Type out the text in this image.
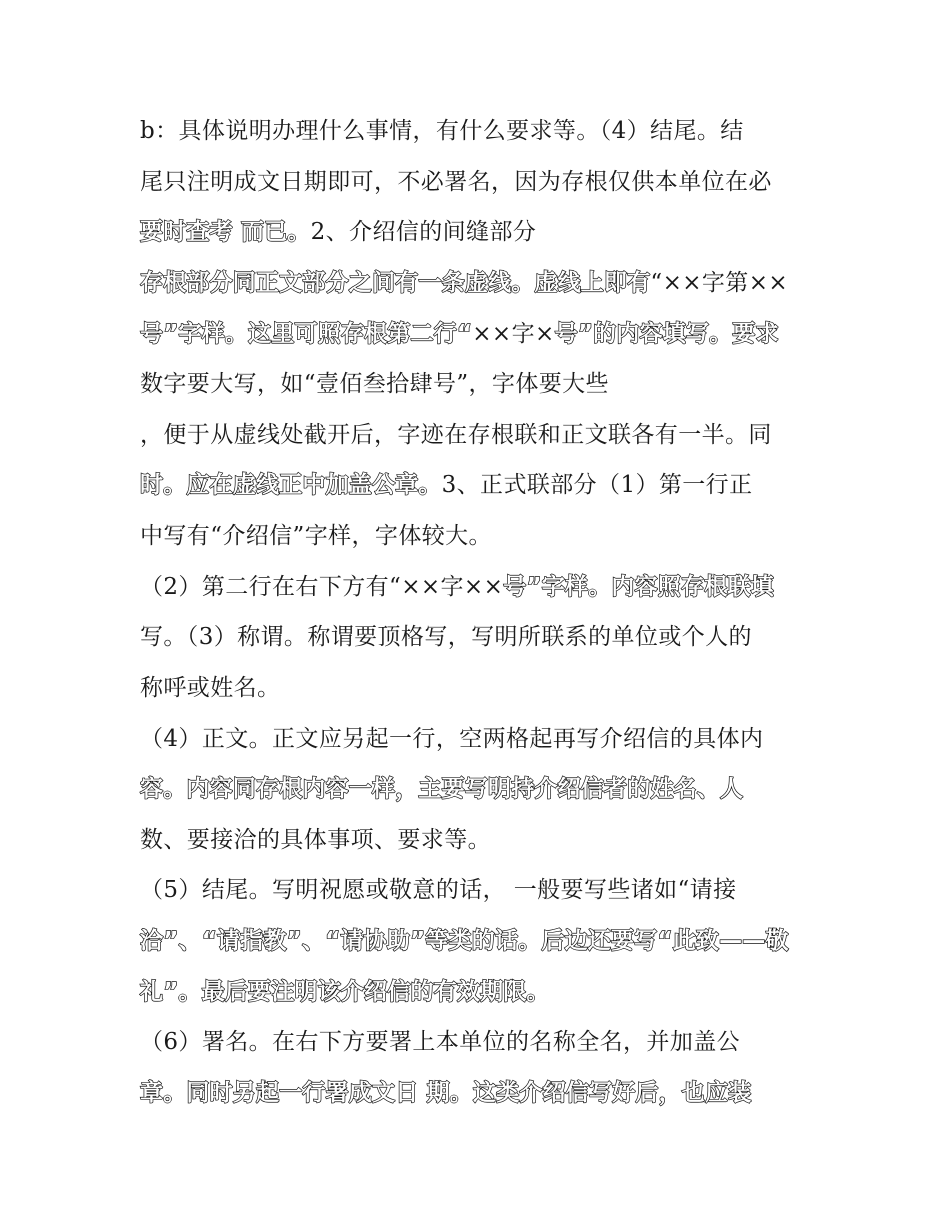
b：具体说明办理什么事情，有什么要求等。（4）结尾。结
尾只注明成文日期即可，不必署名，因为存根仅供本单位在必
要时查考 而已。2、介绍信的间缝部分
存根部分同正文部分之间有一条虚线。虚线上即有“××字第××
号”字样。这里可照存根第二行“××字×号”的内容填写。要求
数字要大写，如“壹佰叁拾肆号”，字体要大些
，便于从虚线处截开后，字迹在存根联和正文联各有一半。同
时。应在虚线正中加盖公章。3、正式联部分（1）第一行正
中写有“介绍信”字样，字体较大。
（2）第二行在右下方有“××字××号”字样。内容照存根联填
写。（3）称谓。称谓要顶格写，写明所联系的单位或个人的
称呼或姓名。
（4）正文。正文应另起一行，空两格起再写介绍信的具体内
容。内容同存根内容一样，主要写明持介绍信者的姓名、人
数、要接洽的具体事项、要求等。
（5）结尾。写明祝愿或敬意的话， 一般要写些诸如“请接
洽”、“请指教”、“请协助”等类的话。后边还要写“此致——敬
礼”。最后要注明该介绍信的有效期限。
（6）署名。在右下方要署上本单位的名称全名，并加盖公
章。同时另起一行署成文日 期。这类介绍信写好后，也应装
